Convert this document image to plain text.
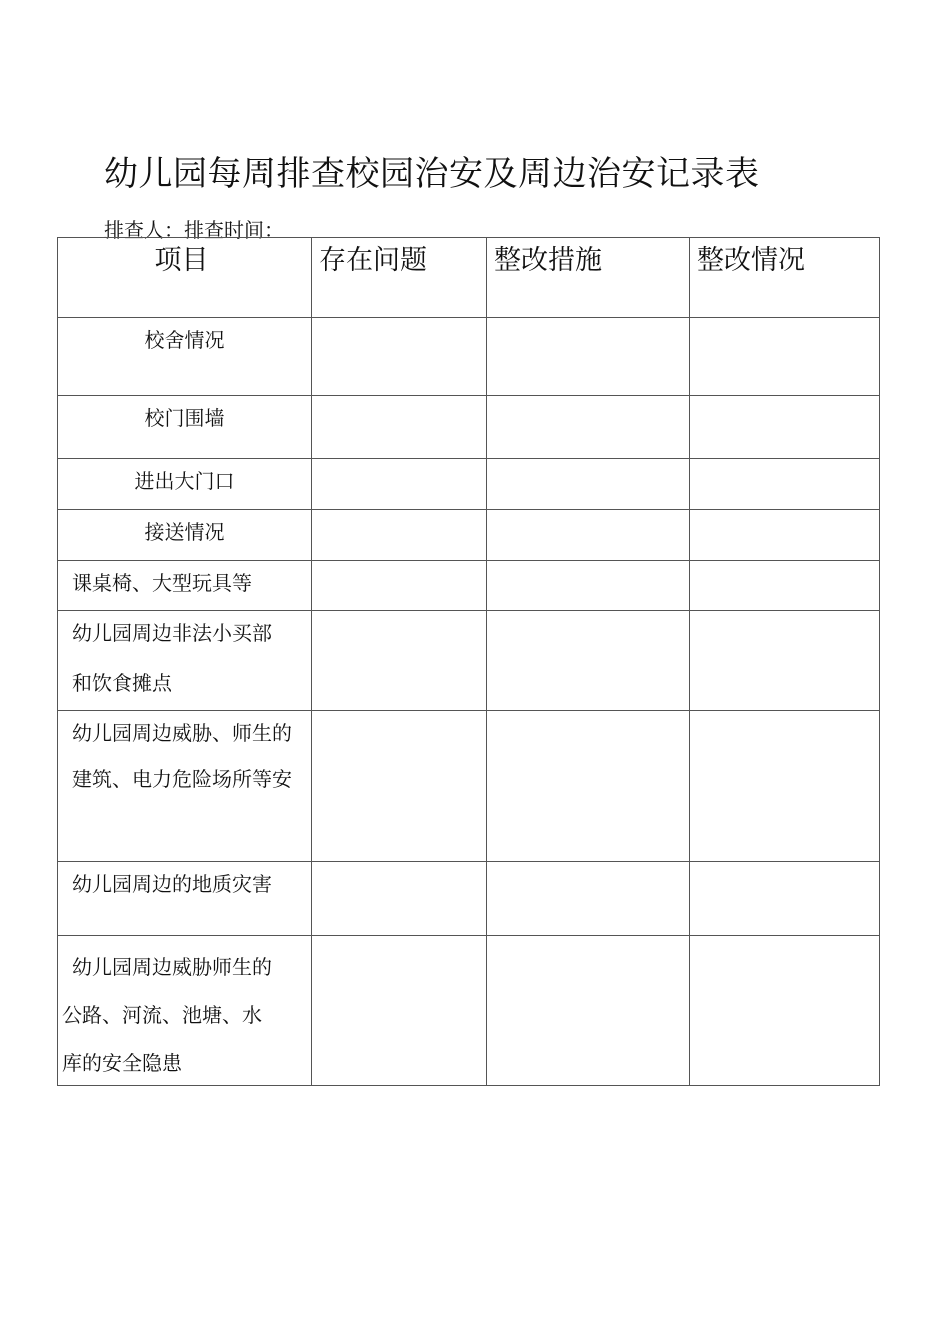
幼儿园每周排查校园治安及周边治安记录表
排查人：排查时间：
项目	存在问题	整改措施	整改情况

校舍情况			

校门围墙			

进出大门口			

接送情况			

课桌椅、大型玩具等			

幼儿园周边非法小买部
和饮食摊点			

幼儿园周边威胁、师生的
建筑、电力危险场所等安			

幼儿园周边的地质灾害			

幼儿园周边威胁师生的
公路、河流、池塘、水
库的安全隐患			
